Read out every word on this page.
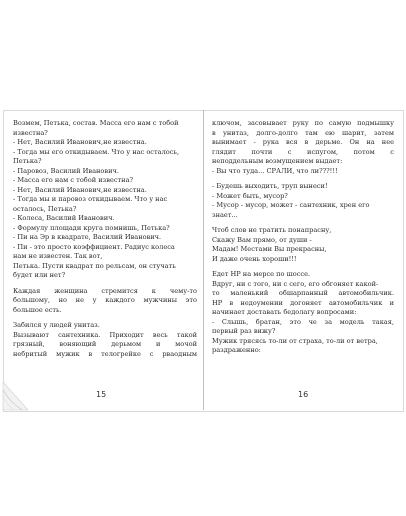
Возмем, Петька, состав. Масса его нам с тобой
известна?
- Нет, Василий Иванович,не известна.
- Тогда мы его откидываем. Что у нас осталось,
Петька?
- Паровоз, Василий Иванович.
- Масса его нам с тобой известна?
- Нет, Василий Иванович,не известна.
- Тогда мы и паровоз откидываем. Что у нас
осталось, Петька?
- Колеса, Василий Иванович.
- Формулу площади круга помнишь, Петька?
- Пи на Эр в квадрате, Василий Иванович.
- Пи - это просто коэффициент. Радиус колеса
нам не известен. Так вот,
Петька. Пусти квадрат по рельсам, он стучать
будет или нет?
Каждая женщина стремится к чему-то
большому, но не у каждого мужчины это
большое есть.
Забился у людей унитаз.
Вызывают сантехника. Приходит весь такой
грязный, воняющий дерьмом и мочой
небритый мужик в телогрейке с рваодным
15
ключом, засовывает руку по самую подмышку
в унитаз, долго-долго там ею шарит, затем
вынимает - рука вся в дерьме. Он на нее
глядит почти с испугом, потом с
неподдельным возмущением выдает:
- Вы что туда... СРАЛИ, что ли???!!!
- Будешь выходить, труп вынеси!
- Может быть, мусор?
- Мусор - мусор, может - сантехник, хрен его
знает...
Чтоб слов не тратить понапрасну,
Скажу Вам прямо, от души -
Мадам! Местами Вы прекрасны,
И даже очень хороши!!!
Едет НР на мерсе по шоссе.
Вдруг, ни с того, ни с сего, его обгоняет какой-
то маленький обшарпанный автомобильчик.
НР в недоумении догоняет автомобильчик и
начинает доставать бедолагу вопросами:
- Слышь, братан, это че за модель такая,
первый раз вижу?
Мужик трясясь то-ли от страха, то-ли от ветра,
раздраженно:
16
